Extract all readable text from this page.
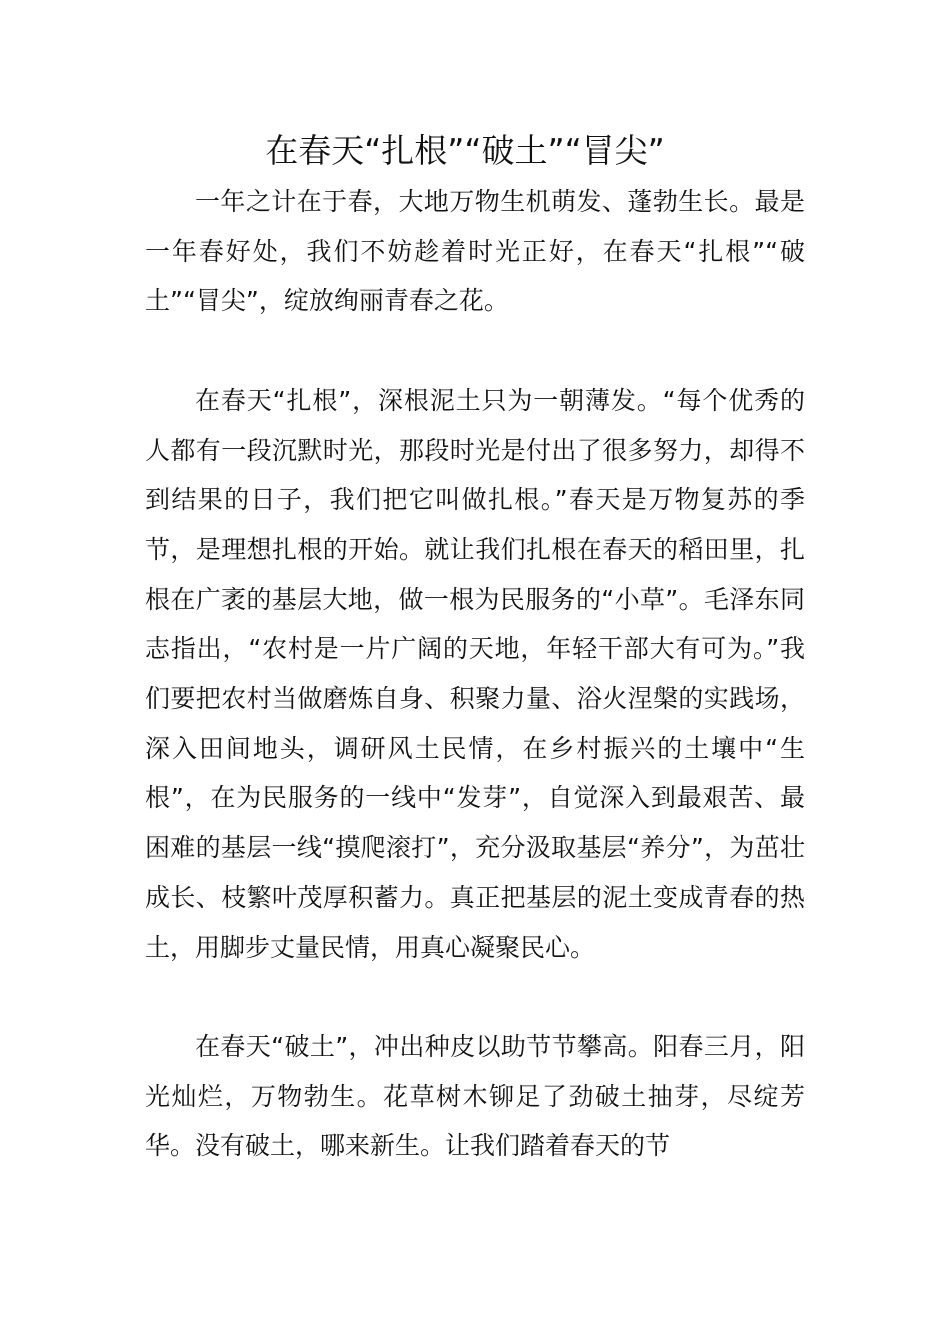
在春天“扎根”“破土”“冒尖”

一年之计在于春，大地万物生机萌发、蓬勃生长。最是一年春好处，我们不妨趁着时光正好，在春天“扎根”“破土”“冒尖”，绽放绚丽青春之花。

在春天“扎根”，深根泥土只为一朝薄发。“每个优秀的人都有一段沉默时光，那段时光是付出了很多努力，却得不到结果的日子，我们把它叫做扎根。”春天是万物复苏的季节，是理想扎根的开始。就让我们扎根在春天的稻田里，扎根在广袤的基层大地，做一根为民服务的“小草”。毛泽东同志指出，“农村是一片广阔的天地，年轻干部大有可为。”我们要把农村当做磨炼自身、积聚力量、浴火涅槃的实践场，深入田间地头，调研风土民情，在乡村振兴的土壤中“生根”，在为民服务的一线中“发芽”，自觉深入到最艰苦、最困难的基层一线“摸爬滚打”，充分汲取基层“养分”，为茁壮成长、枝繁叶茂厚积蓄力。真正把基层的泥土变成青春的热土，用脚步丈量民情，用真心凝聚民心。

在春天“破土”，冲出种皮以助节节攀高。阳春三月，阳光灿烂，万物勃生。花草树木铆足了劲破土抽芽，尽绽芳华。没有破土，哪来新生。让我们踏着春天的节
